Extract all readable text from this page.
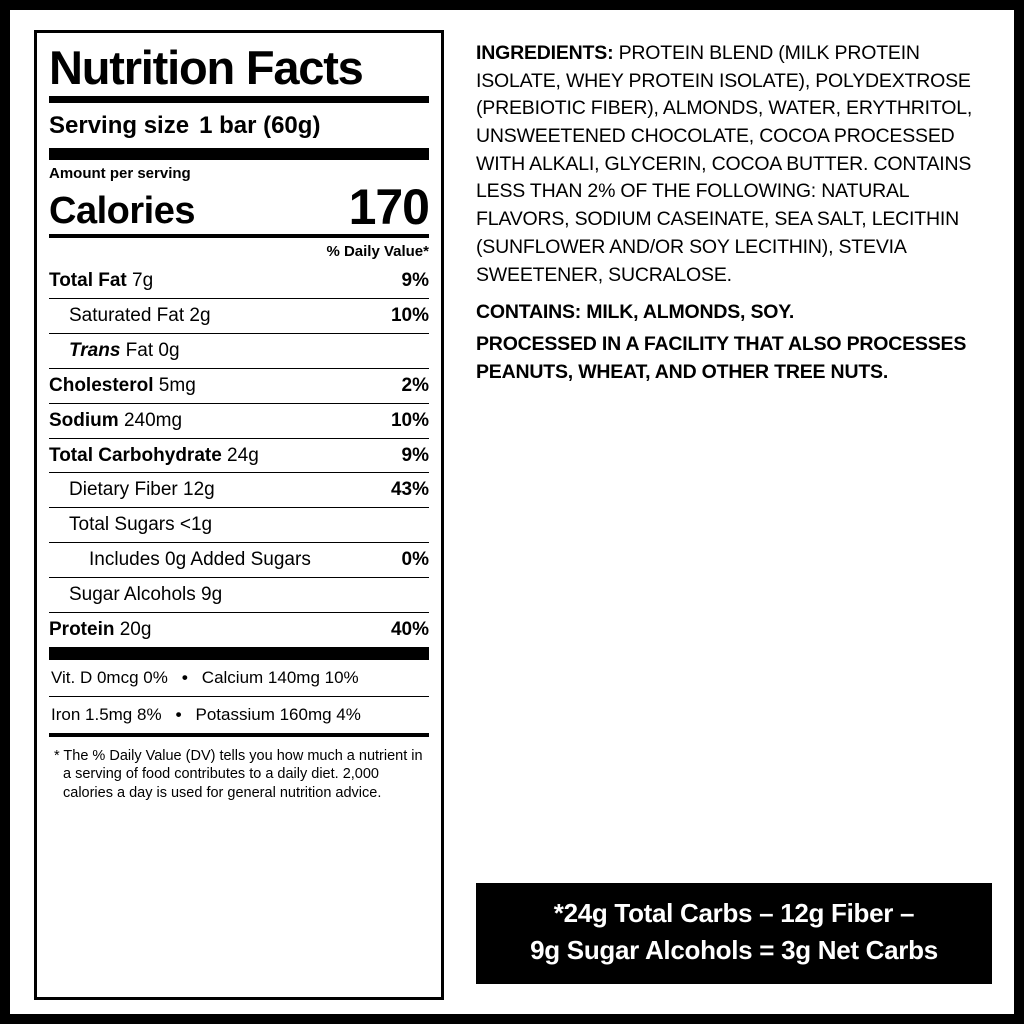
Nutrition Facts
Serving size 1 bar (60g)
Amount per serving
Calories	170
% Daily Value*
Total Fat 7g	9%
Saturated Fat 2g	10%
Trans Fat 0g
Cholesterol 5mg	2%
Sodium 240mg	10%
Total Carbohydrate 24g	9%
Dietary Fiber 12g	43%
Total Sugars <1g
Includes 0g Added Sugars	0%
Sugar Alcohols 9g
Protein 20g	40%
Vit. D 0mcg 0% • Calcium 140mg 10%
Iron 1.5mg 8% • Potassium 160mg 4%
* The % Daily Value (DV) tells you how much a nutrient in a serving of food contributes to a daily diet. 2,000 calories a day is used for general nutrition advice.
INGREDIENTS: PROTEIN BLEND (MILK PROTEIN ISOLATE, WHEY PROTEIN ISOLATE), POLYDEXTROSE (PREBIOTIC FIBER), ALMONDS, WATER, ERYTHRITOL, UNSWEETENED CHOCOLATE, COCOA PROCESSED WITH ALKALI, GLYCERIN, COCOA BUTTER. CONTAINS LESS THAN 2% OF THE FOLLOWING: NATURAL FLAVORS, SODIUM CASEINATE, SEA SALT, LECITHIN (SUNFLOWER AND/OR SOY LECITHIN), STEVIA SWEETENER, SUCRALOSE.
CONTAINS: MILK, ALMONDS, SOY.
PROCESSED IN A FACILITY THAT ALSO PROCESSES PEANUTS, WHEAT, AND OTHER TREE NUTS.
*24g Total Carbs – 12g Fiber –
9g Sugar Alcohols = 3g Net Carbs
